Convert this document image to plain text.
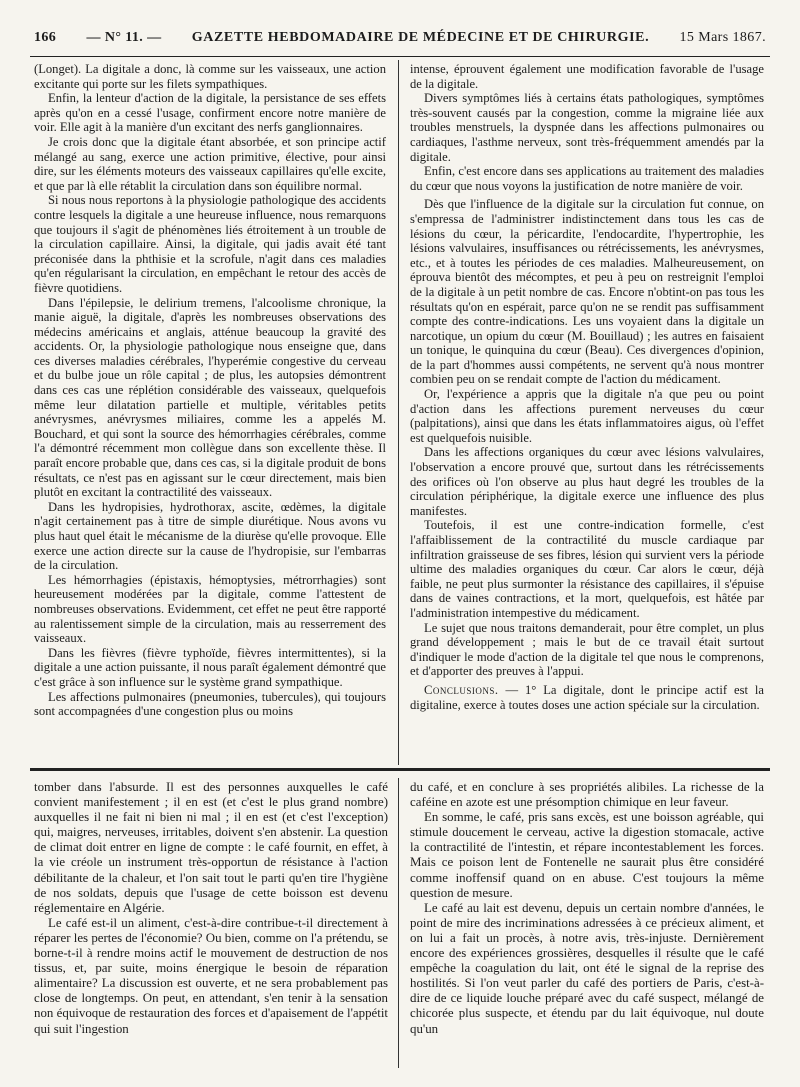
166 — N° 11. — GAZETTE HEBDOMADAIRE DE MÉDECINE ET DE CHIRURGIE. 15 Mars 1867.

(Longet). La digitale a donc, là comme sur les vaisseaux, une action excitante qui porte sur les filets sympathiques.

Enfin, la lenteur d'action de la digitale, la persistance de ses effets après qu'on en a cessé l'usage, confirment encore notre manière de voir. Elle agit à la manière d'un excitant des nerfs ganglionnaires.

Je crois donc que la digitale étant absorbée, et son principe actif mélangé au sang, exerce une action primitive, élective, pour ainsi dire, sur les éléments moteurs des vaisseaux capillaires qu'elle excite, et que par là elle rétablit la circulation dans son équilibre normal.

Si nous nous reportons à la physiologie pathologique des accidents contre lesquels la digitale a une heureuse influence, nous remarquons que toujours il s'agit de phénomènes liés étroitement à un trouble de la circulation capillaire. Ainsi, la digitale, qui jadis avait été tant préconisée dans la phthisie et la scrofule, n'agit dans ces maladies qu'en régularisant la circulation, en empêchant le retour des accès de fièvre quotidiens.

Dans l'épilepsie, le delirium tremens, l'alcoolisme chronique, la manie aiguë, la digitale, d'après les nombreuses observations des médecins américains et anglais, atténue beaucoup la gravité des accidents. Or, la physiologie pathologique nous enseigne que, dans ces diverses maladies cérébrales, l'hyperémie congestive du cerveau et du bulbe joue un rôle capital ; de plus, les autopsies démontrent dans ces cas une réplétion considérable des vaisseaux, quelquefois même leur dilatation partielle et multiple, véritables petits anévrysmes, anévrysmes miliaires, comme les a appelés M. Bouchard, et qui sont la source des hémorrhagies cérébrales, comme l'a démontré récemment mon collègue dans son excellente thèse. Il paraît encore probable que, dans ces cas, si la digitale produit de bons résultats, ce n'est pas en agissant sur le cœur directement, mais bien plutôt en excitant la contractilité des vaisseaux.

Dans les hydropisies, hydrothorax, ascite, œdèmes, la digitale n'agit certainement pas à titre de simple diurétique. Nous avons vu plus haut quel était le mécanisme de la diurèse qu'elle provoque. Elle exerce une action directe sur la cause de l'hydropisie, sur l'embarras de la circulation.

Les hémorrhagies (épistaxis, hémoptysies, métrorrhagies) sont heureusement modérées par la digitale, comme l'attestent de nombreuses observations. Evidemment, cet effet ne peut être rapporté au ralentissement simple de la circulation, mais au resserrement des vaisseaux.

Dans les fièvres (fièvre typhoïde, fièvres intermittentes), si la digitale a une action puissante, il nous paraît également démontré que c'est grâce à son influence sur le système grand sympathique.

Les affections pulmonaires (pneumonies, tubercules), qui toujours sont accompagnées d'une congestion plus ou moins

intense, éprouvent également une modification favorable de l'usage de la digitale.

Divers symptômes liés à certains états pathologiques, symptômes très-souvent causés par la congestion, comme la migraine liée aux troubles menstruels, la dyspnée dans les affections pulmonaires ou cardiaques, l'asthme nerveux, sont très-fréquemment amendés par la digitale.

Enfin, c'est encore dans ses applications au traitement des maladies du cœur que nous voyons la justification de notre manière de voir.

Dès que l'influence de la digitale sur la circulation fut connue, on s'empressa de l'administrer indistinctement dans tous les cas de lésions du cœur, la péricardite, l'endocardite, l'hypertrophie, les lésions valvulaires, insuffisances ou rétrécissements, les anévrysmes, etc., et à toutes les périodes de ces maladies. Malheureusement, on éprouva bientôt des mécomptes, et peu à peu on restreignit l'emploi de la digitale à un petit nombre de cas. Encore n'obtint-on pas tous les résultats qu'on en espérait, parce qu'on ne se rendit pas suffisamment compte des contre-indications. Les uns voyaient dans la digitale un narcotique, un opium du cœur (M. Bouillaud) ; les autres en faisaient un tonique, le quinquina du cœur (Beau). Ces divergences d'opinion, de la part d'hommes aussi compétents, ne servent qu'à nous montrer combien peu on se rendait compte de l'action du médicament.

Or, l'expérience a appris que la digitale n'a que peu ou point d'action dans les affections purement nerveuses du cœur (palpitations), ainsi que dans les états inflammatoires aigus, où l'effet est quelquefois nuisible.

Dans les affections organiques du cœur avec lésions valvulaires, l'observation a encore prouvé que, surtout dans les rétrécissements des orifices où l'on observe au plus haut degré les troubles de la circulation périphérique, la digitale exerce une influence des plus manifestes.

Toutefois, il est une contre-indication formelle, c'est l'affaiblissement de la contractilité du muscle cardiaque par infiltration graisseuse de ses fibres, lésion qui survient vers la période ultime des maladies organiques du cœur. Car alors le cœur, déjà faible, ne peut plus surmonter la résistance des capillaires, il s'épuise dans de vaines contractions, et la mort, quelquefois, est hâtée par l'administration intempestive du médicament.

Le sujet que nous traitons demanderait, pour être complet, un plus grand développement ; mais le but de ce travail était surtout d'indiquer le mode d'action de la digitale tel que nous le comprenons, et d'apporter des preuves à l'appui.

Conclusions. — 1° La digitale, dont le principe actif est la digitaline, exerce à toutes doses une action spéciale sur la circulation.

tomber dans l'absurde. Il est des personnes auxquelles le café convient manifestement ; il en est (et c'est le plus grand nombre) auxquelles il ne fait ni bien ni mal ; il en est (et c'est l'exception) qui, maigres, nerveuses, irritables, doivent s'en abstenir. La question de climat doit entrer en ligne de compte : le café fournit, en effet, à la vie créole un instrument très-opportun de résistance à l'action débilitante de la chaleur, et l'on sait tout le parti qu'en tire l'hygiène de nos soldats, depuis que l'usage de cette boisson est devenu réglementaire en Algérie.

Le café est-il un aliment, c'est-à-dire contribue-t-il directement à réparer les pertes de l'économie? Ou bien, comme on l'a prétendu, se borne-t-il à rendre moins actif le mouvement de destruction de nos tissus, et, par suite, moins énergique le besoin de réparation alimentaire? La discussion est ouverte, et ne sera probablement pas close de longtemps. On peut, en attendant, s'en tenir à la sensation non équivoque de restauration des forces et d'apaisement de l'appétit qui suit l'ingestion

du café, et en conclure à ses propriétés alibiles. La richesse de la caféine en azote est une présomption chimique en leur faveur.

En somme, le café, pris sans excès, est une boisson agréable, qui stimule doucement le cerveau, active la digestion stomacale, active la contractilité de l'intestin, et répare incontestablement les forces. Mais ce poison lent de Fontenelle ne saurait plus être considéré comme inoffensif quand on en abuse. C'est toujours la même question de mesure.

Le café au lait est devenu, depuis un certain nombre d'années, le point de mire des incriminations adressées à ce précieux aliment, et on lui a fait un procès, à notre avis, très-injuste. Dernièrement encore des expériences grossières, desquelles il résulte que le café empêche la coagulation du lait, ont été le signal de la reprise des hostilités. Si l'on veut parler du café des portiers de Paris, c'est-à-dire de ce liquide louche préparé avec du café suspect, mélangé de chicorée plus suspecte, et étendu par du lait équivoque, nul doute qu'un
